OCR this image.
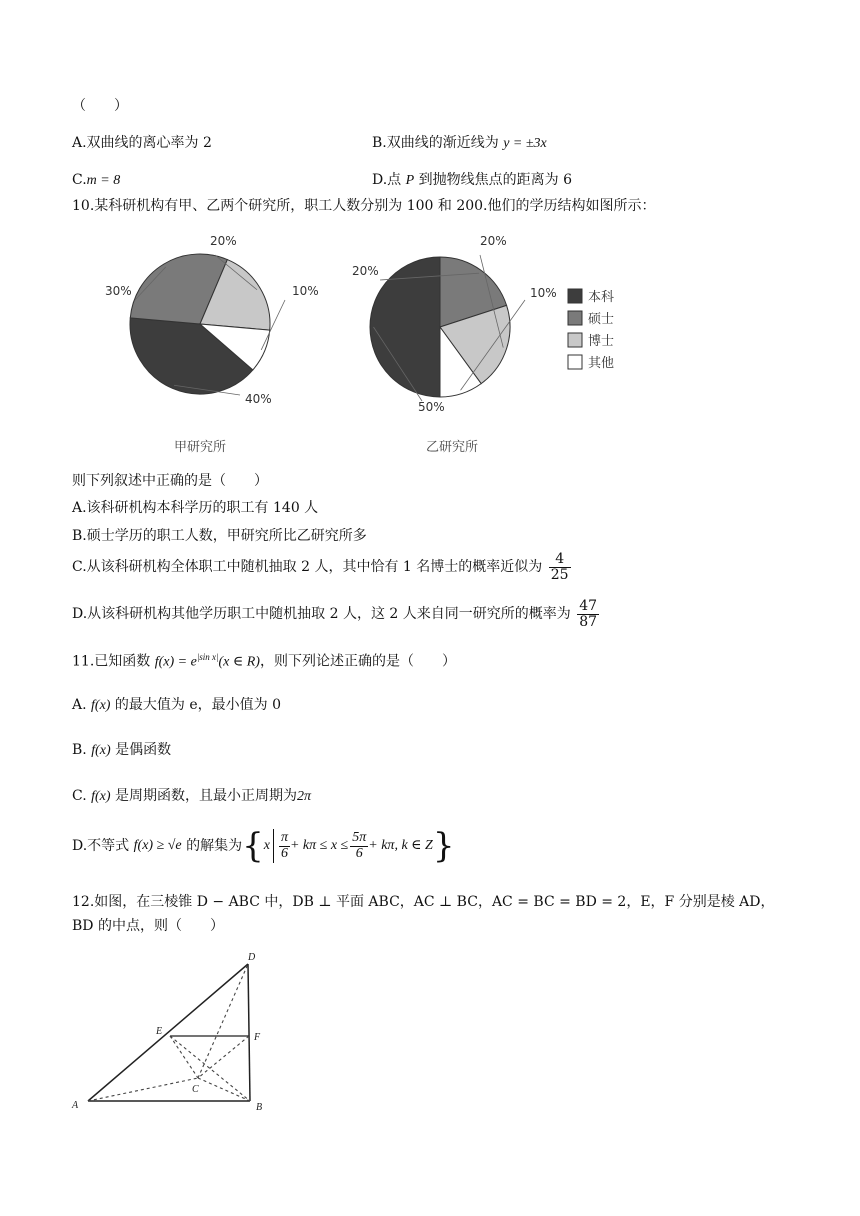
（　　）
A.双曲线的离心率为 2	B.双曲线的渐近线为 y = ±3x
C.m = 8	D.点 P 到抛物线焦点的距离为 6
10.某科研机构有甲、乙两个研究所，职工人数分别为 100 和 200.他们的学历结构如图所示：
40%
30%
20%
10%
甲研究所
50%
20%
20%
10%
乙研究所
本科
硕士
博士
其他
则下列叙述中正确的是（　　）
A.该科研机构本科学历的职工有 140 人
B.硕士学历的职工人数，甲研究所比乙研究所多
C.从该科研机构全体职工中随机抽取 2 人，其中恰有 1 名博士的概率近似为 $\frac{4}{25}$
D.从该科研机构其他学历职工中随机抽取 2 人，这 2 人来自同一研究所的概率为 $\frac{47}{87}$
11.已知函数 $f(x) = e^{|sin x|}(x$ ∈ R)，则下列论述正确的是（　　）
A. f(x) 的最大值为 e，最小值为 0
B. f(x) 是偶函数
C. f(x) 是周期函数，且最小正周期为2π
D.不等式 f(x) ≥ √e 的解集为{$x \frac{\pi}{6} + k\pi \le x \le \frac{5\pi}{6} + k\pi$, k ∈ Z}
12.如图，在三棱锥 D − ABC 中，DB ⊥ 平面 ABC，AC ⊥ BC，AC = BC = BD = 2，E，F 分别是棱 AD，
BD 的中点，则（　　）
A	B
C
D
E
F
